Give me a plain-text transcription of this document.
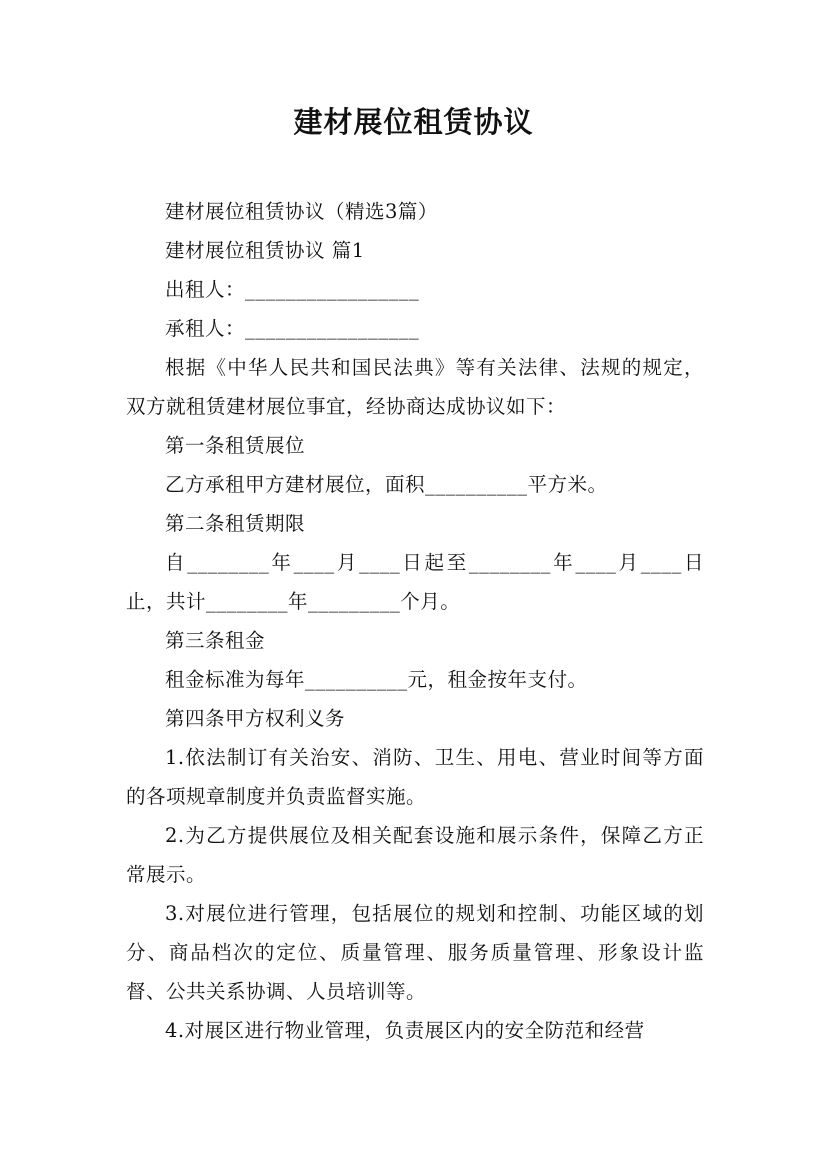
建材展位租赁协议

建材展位租赁协议（精选3篇）

建材展位租赁协议 篇1

出租人：_________________

承租人：_________________

根据《中华人民共和国民法典》等有关法律、法规的规定，双方就租赁建材展位事宜，经协商达成协议如下：

第一条租赁展位

乙方承租甲方建材展位，面积__________平方米。

第二条租赁期限

自________年____月____日起至________年____月____日止，共计________年_________个月。

第三条租金

租金标准为每年__________元，租金按年支付。

第四条甲方权利义务

1.依法制订有关治安、消防、卫生、用电、营业时间等方面的各项规章制度并负责监督实施。

2.为乙方提供展位及相关配套设施和展示条件，保障乙方正常展示。

3.对展位进行管理，包括展位的规划和控制、功能区域的划分、商品档次的定位、质量管理、服务质量管理、形象设计监督、公共关系协调、人员培训等。

4.对展区进行物业管理，负责展区内的安全防范和经营
